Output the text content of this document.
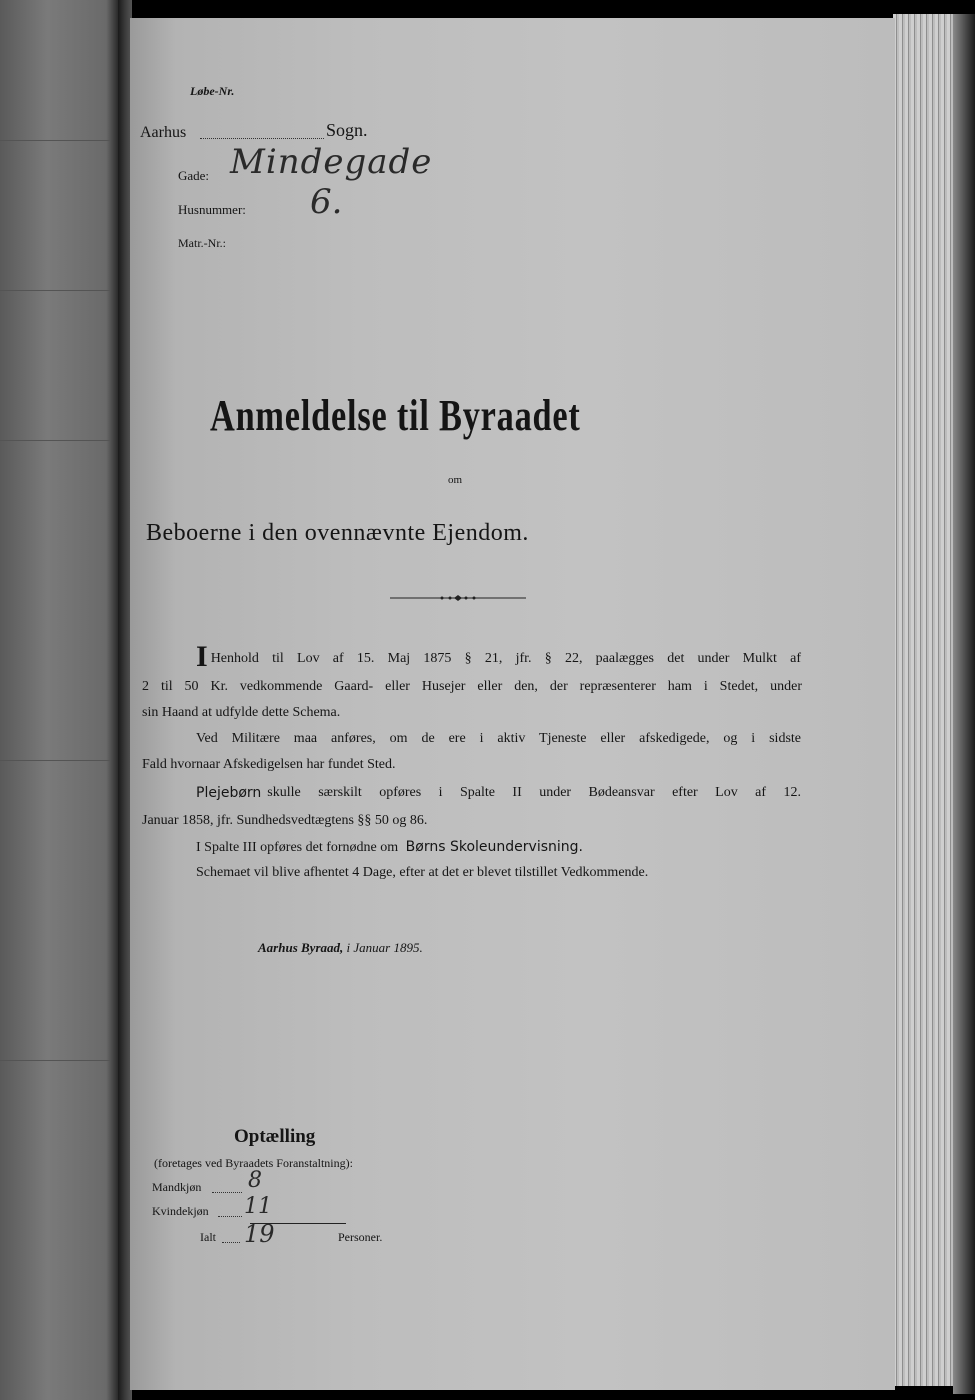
Løbe-Nr.
Aarhus	Sogn.
Gade: Mindegade
Husnummer: 6.
Matr.-Nr.:
Anmeldelse til Byraadet
om
Beboerne i den ovennævnte Ejendom.
I Henhold til Lov af 15. Maj 1875 § 21, jfr. § 22, paalægges det under Mulkt af
2 til 50 Kr. vedkommende Gaard- eller Husejer eller den, der repræsenterer ham i Stedet, under
sin Haand at udfylde dette Schema.
Ved Militære maa anføres, om de ere i aktiv Tjeneste eller afskedigede, og i sidste
Fald hvornaar Afskedigelsen har fundet Sted.
Plejebørn skulle særskilt opføres i Spalte II under Bødeansvar efter Lov af 12.
Januar 1858, jfr. Sundhedsvedtægtens §§ 50 og 86.
I Spalte III opføres det fornødne om Børns Skoleundervisning.
Schemaet vil blive afhentet 4 Dage, efter at det er blevet tilstillet Vedkommende.
Aarhus Byraad, i Januar 1895.
Optælling
(foretages ved Byraadets Foranstaltning):
Mandkjøn 8
Kvindekjøn 11
Ialt 19	Personer.
